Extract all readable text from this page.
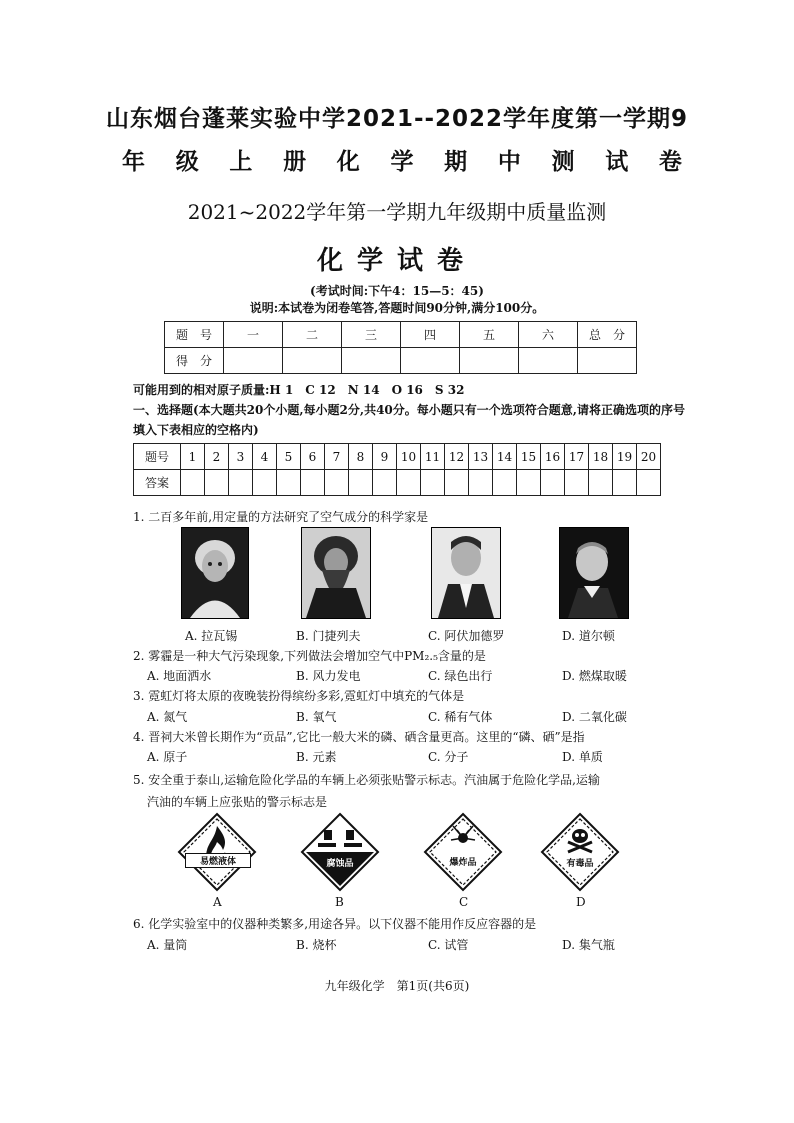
山东烟台蓬莱实验中学2021--2022学年度第一学期9
年 级 上 册 化 学 期 中 测 试 卷
2021~2022学年第一学期九年级期中质量监测
化学试卷
(考试时间:下午4：15—5：45)
说明:本试卷为闭卷笔答,答题时间90分钟,满分100分。
题　号	一	二	三	四	五	六	总　分
得　分							
可能用到的相对原子质量:H 1　C 12　N 14　O 16　S 32
一、选择题(本大题共20个小题,每小题2分,共40分。每小题只有一个选项符合题意,请将正确选项的序号填入下表相应的空格内)
题号	1	2	3	4	5	6	7	8	9	10	11	12	13	14	15	16	17	18	19	20
答案																				
1. 二百多年前,用定量的方法研究了空气成分的科学家是
A. 拉瓦锡	B. 门捷列夫	C. 阿伏加德罗	D. 道尔顿
2. 雾霾是一种大气污染现象,下列做法会增加空气中PM₂.₅含量的是
A. 地面洒水	B. 风力发电	C. 绿色出行	D. 燃煤取暖
3. 霓虹灯将太原的夜晚装扮得缤纷多彩,霓虹灯中填充的气体是
A. 氮气	B. 氧气	C. 稀有气体	D. 二氧化碳
4. 晋祠大米曾长期作为“贡品”,它比一般大米的磷、硒含量更高。这里的“磷、硒”是指
A. 原子	B. 元素	C. 分子	D. 单质
5. 安全重于泰山,运输危险化学品的车辆上必须张贴警示标志。汽油属于危险化学品,运输
汽油的车辆上应张贴的警示标志是
易燃液体	腐蚀品	爆炸品	有毒品
A	B	C	D
6. 化学实验室中的仪器种类繁多,用途各异。以下仪器不能用作反应容器的是
A. 量筒	B. 烧杯	C. 试管	D. 集气瓶
九年级化学　第1页(共6页)
